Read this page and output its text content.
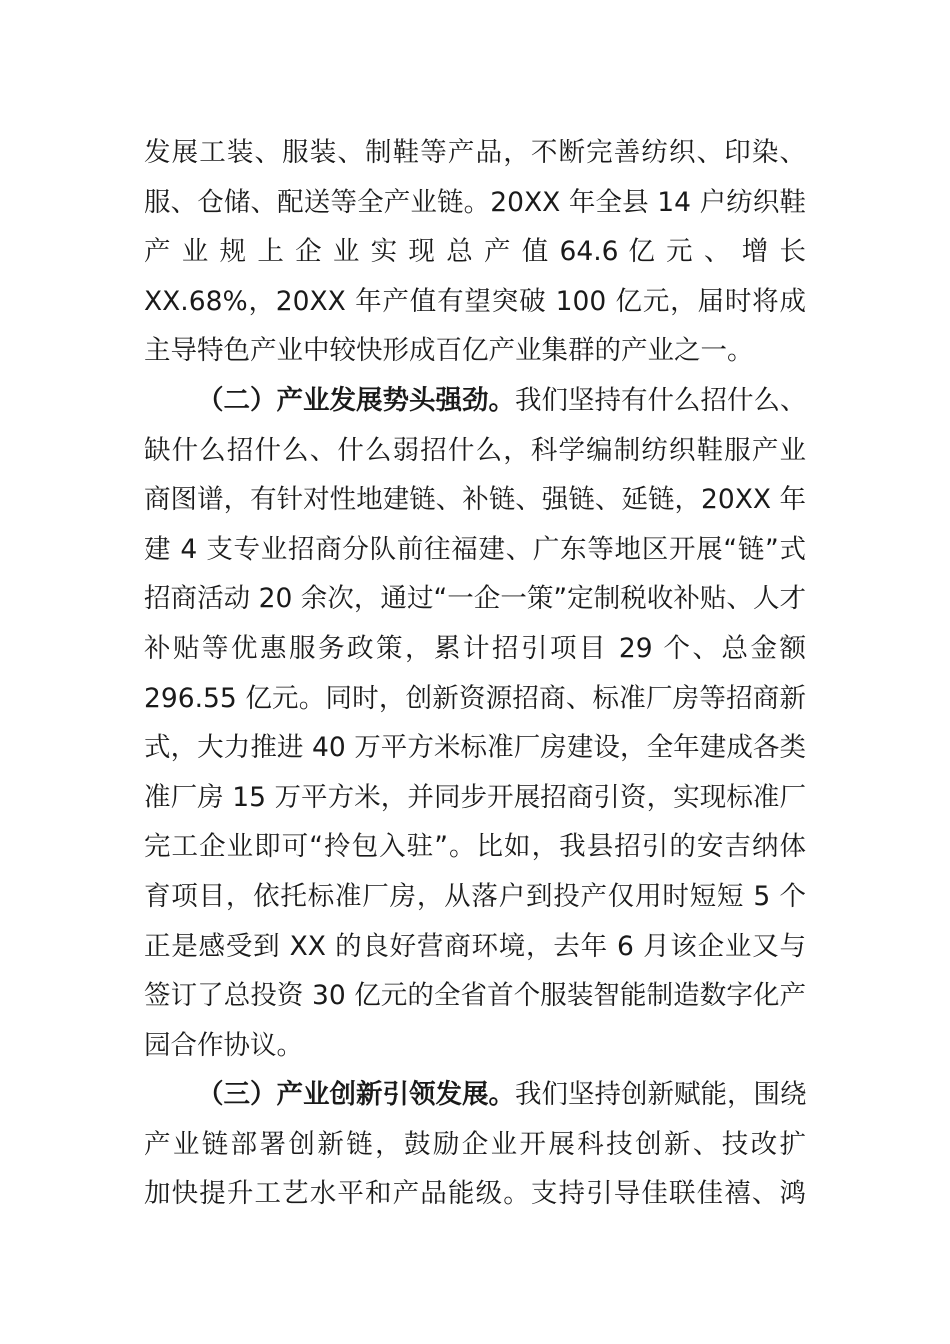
发展工装、服装、制鞋等产品，不断完善纺织、印染、
服、仓储、配送等全产业链。20XX 年全县 14 户纺织鞋
产 业 规 上 企 业 实 现 总 产 值 64.6 亿 元 、 增 长
XX.68%，20XX 年产值有望突破 100 亿元，届时将成
主导特色产业中较快形成百亿产业集群的产业之一。
（二）产业发展势头强劲。我们坚持有什么招什么、
缺什么招什么、什么弱招什么，科学编制纺织鞋服产业
商图谱，有针对性地建链、补链、强链、延链，20XX 年
建 4 支专业招商分队前往福建、广东等地区开展“链”式
招商活动 20 余次，通过“一企一策”定制税收补贴、人才
补贴等优惠服务政策，累计招引项目 29 个、总金额
296.55 亿元。同时，创新资源招商、标准厂房等招商新
式，大力推进 40 万平方米标准厂房建设，全年建成各类
准厂房 15 万平方米，并同步开展招商引资，实现标准厂
完工企业即可“拎包入驻”。比如，我县招引的安吉纳体
育项目，依托标准厂房，从落户到投产仅用时短短 5 个
正是感受到 XX 的良好营商环境，去年 6 月该企业又与
签订了总投资 30 亿元的全省首个服装智能制造数字化产
园合作协议。
（三）产业创新引领发展。我们坚持创新赋能，围绕
产业链部署创新链，鼓励企业开展科技创新、技改扩
加快提升工艺水平和产品能级。支持引导佳联佳禧、鸿
